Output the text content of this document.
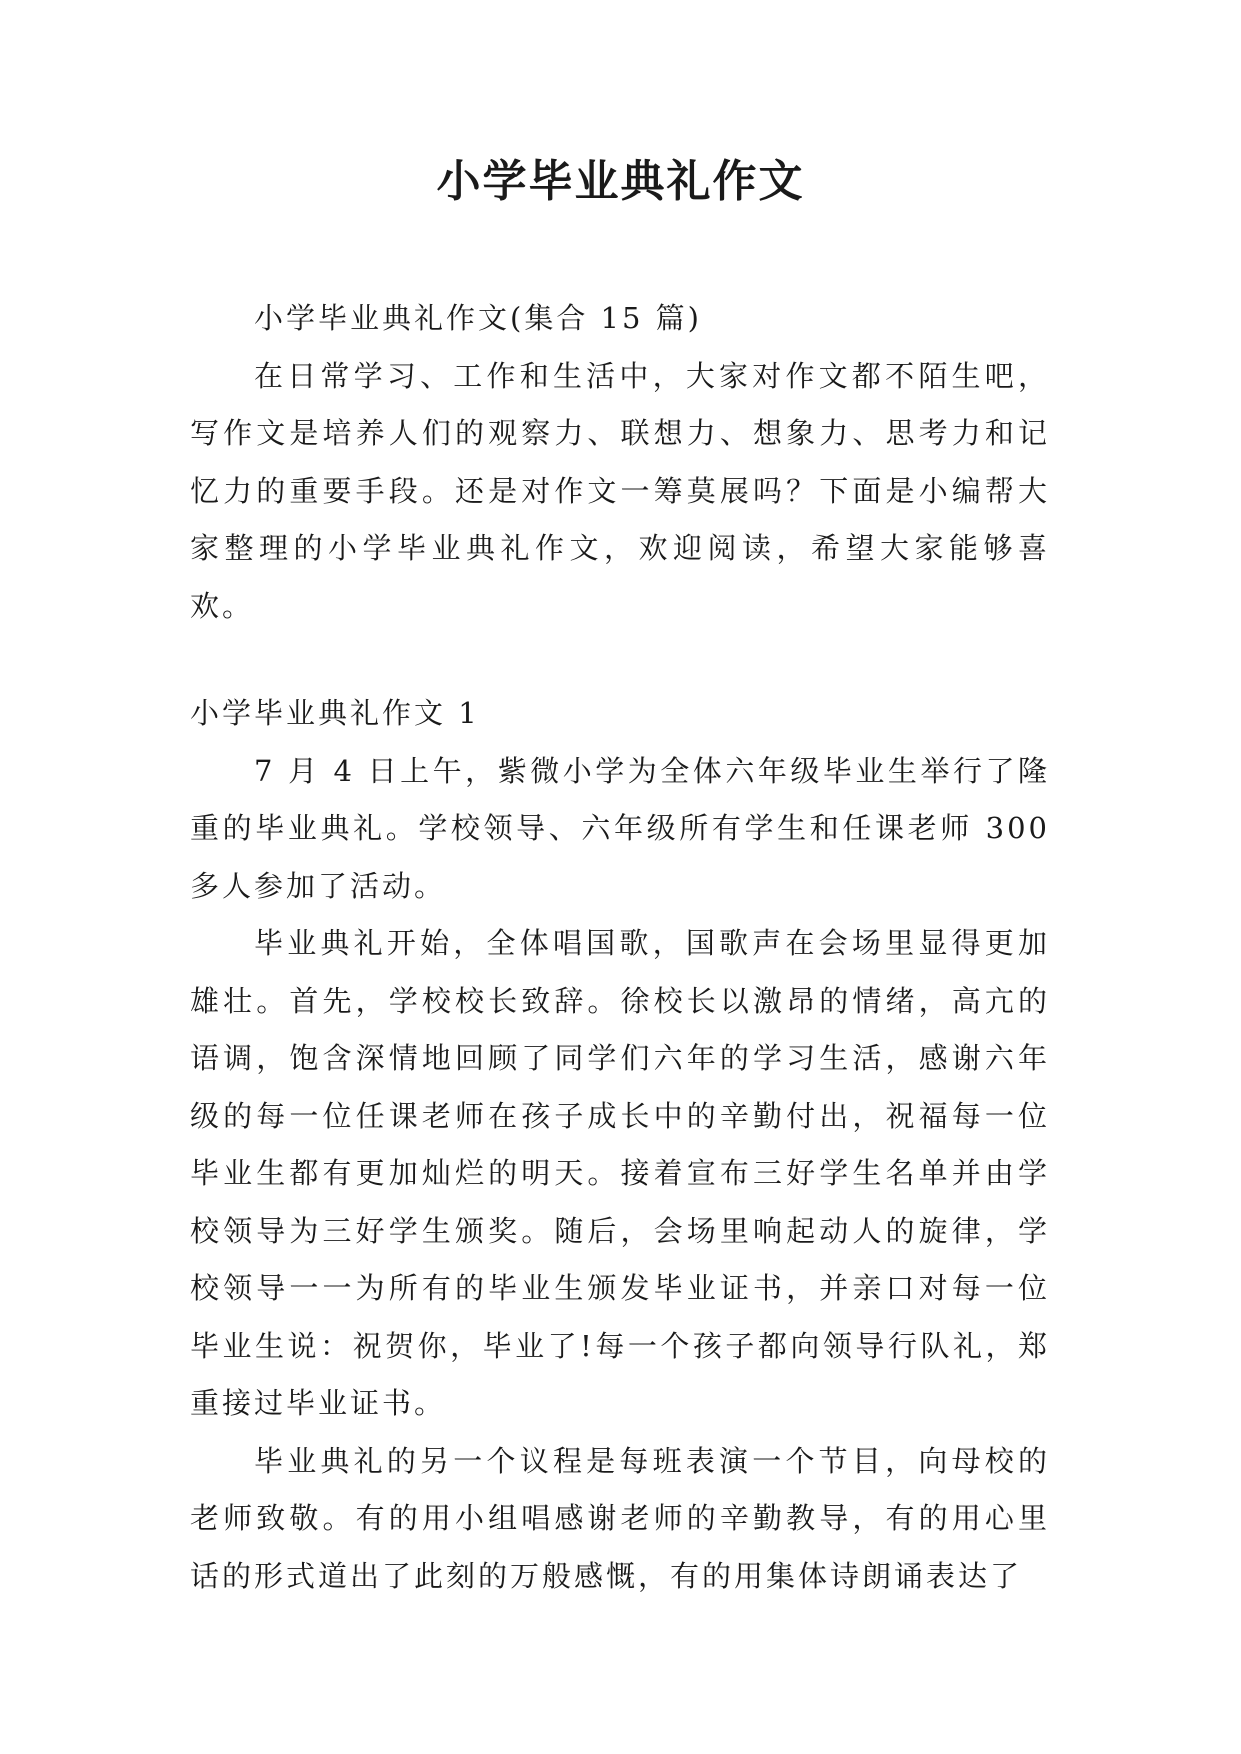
小学毕业典礼作文

小学毕业典礼作文(集合 15 篇)

在日常学习、工作和生活中，大家对作文都不陌生吧，写作文是培养人们的观察力、联想力、想象力、思考力和记忆力的重要手段。还是对作文一筹莫展吗？下面是小编帮大家整理的小学毕业典礼作文，欢迎阅读，希望大家能够喜欢。

小学毕业典礼作文 1

7 月 4 日上午，紫微小学为全体六年级毕业生举行了隆重的毕业典礼。学校领导、六年级所有学生和任课老师 300 多人参加了活动。

毕业典礼开始，全体唱国歌，国歌声在会场里显得更加雄壮。首先，学校校长致辞。徐校长以激昂的情绪，高亢的语调，饱含深情地回顾了同学们六年的学习生活，感谢六年级的每一位任课老师在孩子成长中的辛勤付出，祝福每一位毕业生都有更加灿烂的明天。接着宣布三好学生名单并由学校领导为三好学生颁奖。随后，会场里响起动人的旋律，学校领导一一为所有的毕业生颁发毕业证书，并亲口对每一位毕业生说：祝贺你，毕业了!每一个孩子都向领导行队礼，郑重接过毕业证书。

毕业典礼的另一个议程是每班表演一个节目，向母校的老师致敬。有的用小组唱感谢老师的辛勤教导，有的用心里话的形式道出了此刻的万般感慨，有的用集体诗朗诵表达了
